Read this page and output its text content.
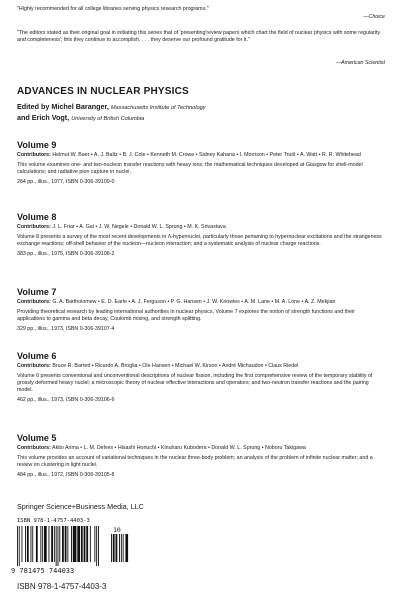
"Highly recommended for all college libraries serving physics research programs."

—Choice

"The editors stated as their original goal in initiating this series that of 'presenting'review papers which chart the field of nuclear physics with some regularity and completeness'; this they continue to accomplish. . . . they deserve our profound gratitude for it."

—American Scientist

ADVANCES IN NUCLEAR PHYSICS

Edited by Michel Baranger, Massachusetts Institute of Technology
and Erich Vogt, University of British Columbia

Volume 9

Contributors: Helmut W. Baer • A. J. Baltz • B. J. Cole • Kenneth M. Crowe • Sidney Kahana • I. Morrison • Peter Truöl • A. Watt • R. R. Whitehead

This volume examines one- and two-nucleon transfer reactions with heavy ions; the mathematical techniques developed at Glasgow for shell-model calculations; and radiative pion capture in nuclei.

264 pp., illus., 1977, ISBN 0-306-39109-0

Volume 8

Contributors: J. L. Friar • A. Gal • J. W. Negele • Donald W. L. Sprung • M. K. Srivastava

Volume 8 presents a survey of the most recent developments in Λ-hypernuclei, particularly those pertaining to hypernuclear excitations and the strangeness exchange reactions; off-shell behavior of the nucleon—nucleon interaction; and a systematic analysis of nuclear charge reactions.

383 pp., illus., 1975, ISBN 0-306-39108-2

Volume 7

Contributors: G. A. Bartholomew • E. D. Earle • A. J. Ferguson • P. G. Hansen • J. W. Knowles • A. M. Lane • M. A. Lone • A. Z. Mekjian

Providing theoretical research by leading international authorities in nuclear physics, Volume 7 explores the notion of strength functions and their applications to gamma and beta decay, Coulomb mixing, and strength splitting.

329 pp., illus., 1973, ISBN 0-306-39107-4

Volume 6

Contributors: Bruce R. Barrett • Ricardo A. Broglia • Ole Hansen • Michael W. Kirson • André Michaudon • Claus Riedel

Volume 6 presents conventional and unconventional descriptions of nuclear fission, including the first comprehensive review of the temporary stability of grossly deformed heavy nuclei; a microscopic theory of nuclear effective interactions and operators; and two-neutron transfer reactions and the pairing model.

462 pp., illus., 1973, ISBN 0-306-39106-6

Volume 5

Contributors: Akito Arima • L. M. Delves • Hisashi Horiuchi • Kinuharu Kubodera • Donald W. L. Sprung • Noboru Takigawa

This volume provides an account of variational techniques in the nuclear three-body problem; an analysis of the problem of infinite nuclear matter; and a review on clustering in light nuclei.

484 pp., illus., 1972, ISBN 0-306-39105-8

Springer Science+Business Media, LLC

ISBN 978-1-4757-4403-3

10

9 781475 744033

ISBN 978-1-4757-4403-3
